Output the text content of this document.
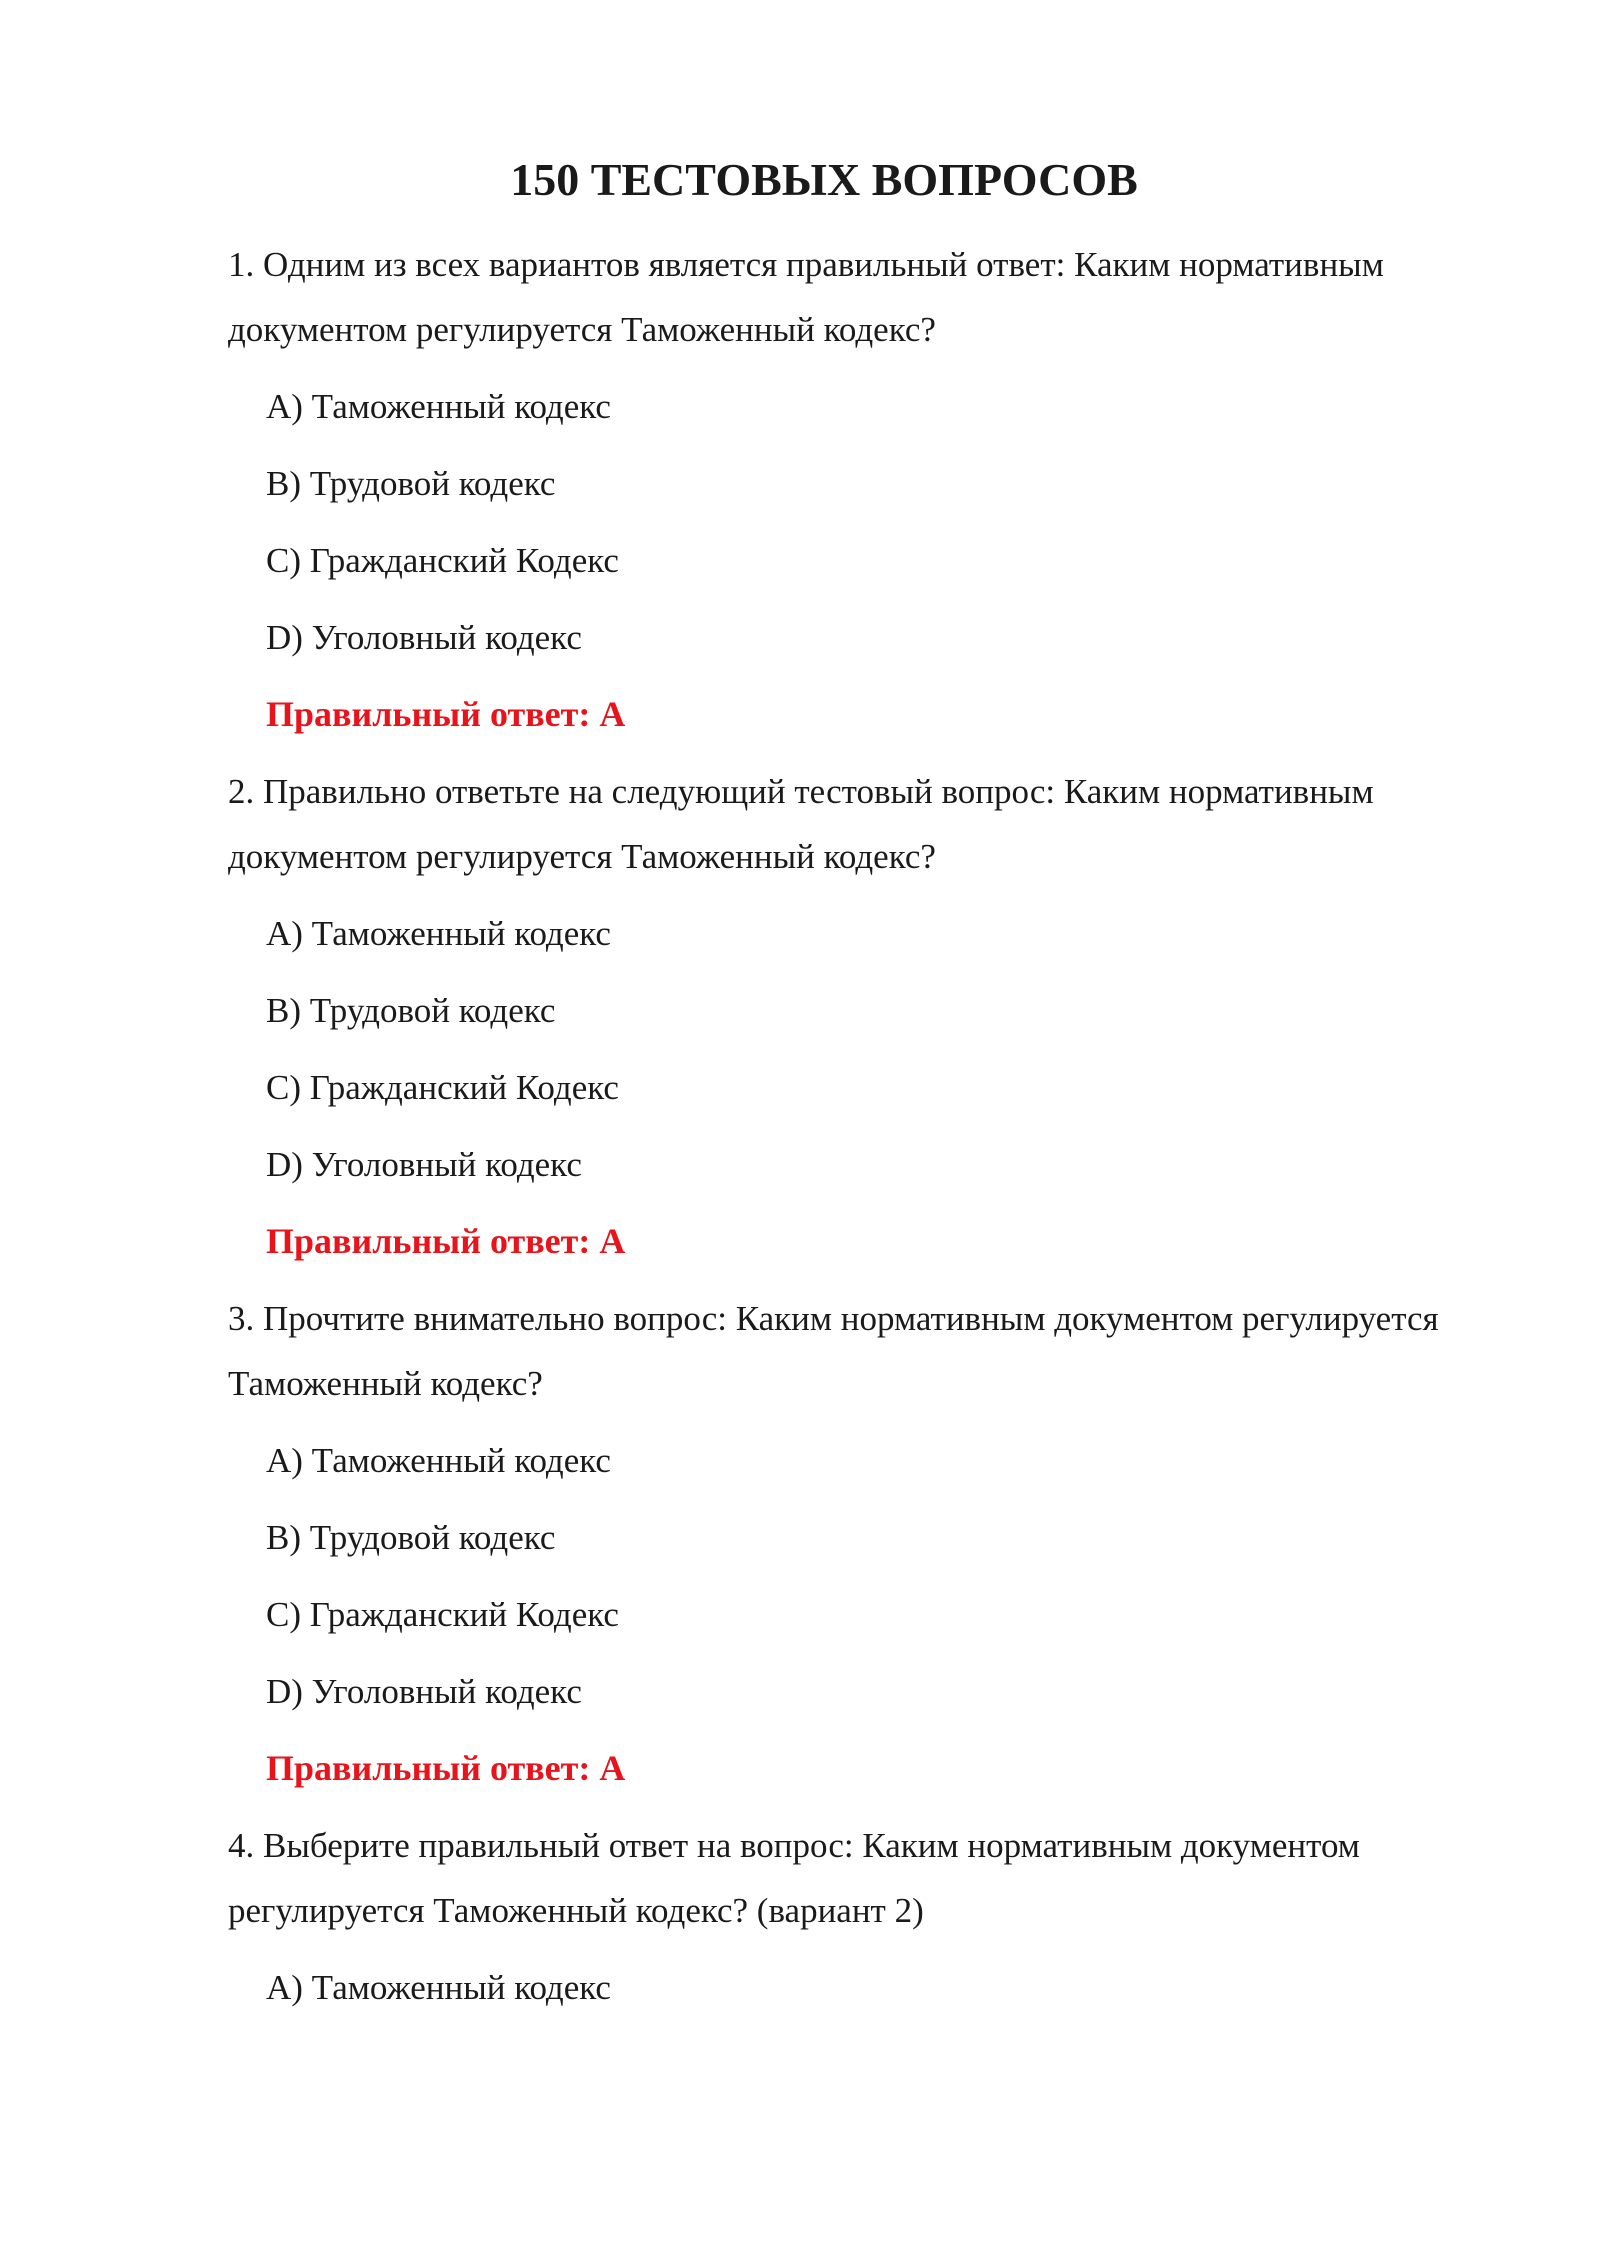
150 ТЕСТОВЫХ ВОПРОСОВ

1. Одним из всех вариантов является правильный ответ: Каким нормативным документом регулируется Таможенный кодекс?

A) Таможенный кодекс
B) Трудовой кодекс
C) Гражданский Кодекс
D) Уголовный кодекс
Правильный ответ: A

2. Правильно ответьте на следующий тестовый вопрос: Каким нормативным документом регулируется Таможенный кодекс?

A) Таможенный кодекс
B) Трудовой кодекс
C) Гражданский Кодекс
D) Уголовный кодекс
Правильный ответ: A

3. Прочтите внимательно вопрос: Каким нормативным документом регулируется Таможенный кодекс?

A) Таможенный кодекс
B) Трудовой кодекс
C) Гражданский Кодекс
D) Уголовный кодекс
Правильный ответ: A

4. Выберите правильный ответ на вопрос: Каким нормативным документом регулируется Таможенный кодекс? (вариант 2)

A) Таможенный кодекс
